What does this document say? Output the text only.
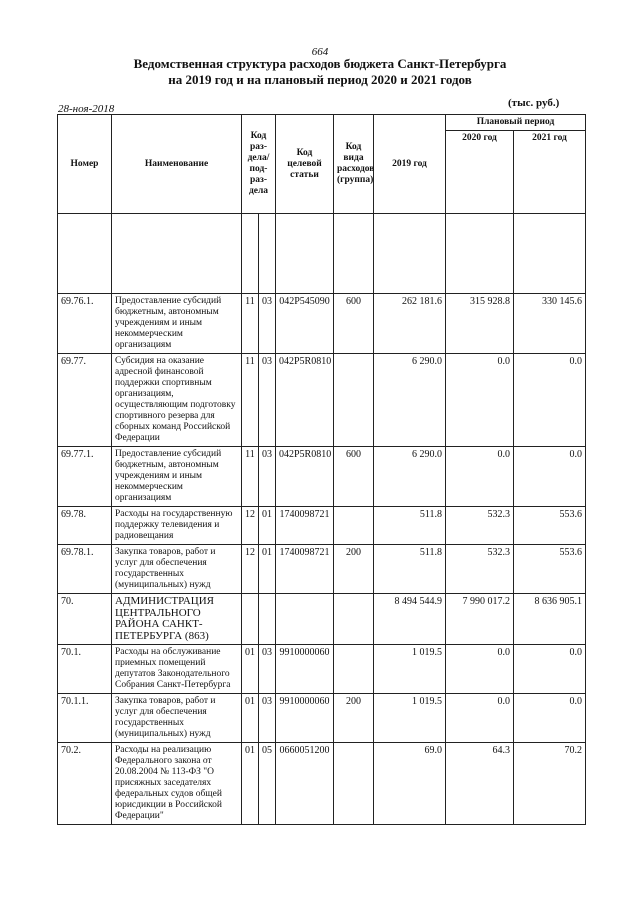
664
Ведомственная структура расходов бюджета Санкт-Петербурга
на 2019 год и на плановый период 2020 и 2021 годов
28-ноя-2018	(тыс. руб.)
Номер	Наименование	Код раз-дела/ под-раз-дела		Код целевой статьи	Код вида расходов (группа)	2019 год	Плановый период	
							2020 год	2021 год

69.76.1.	Предоставление субсидий бюджетным, автономным учреждениям и иным некоммерческим организациям	11	03	042P545090	600	262 181.6	315 928.8	330 145.6
69.77.	Субсидия на оказание адресной финансовой поддержки спортивным организациям, осуществляющим подготовку спортивного резерва для сборных команд Российской Федерации	11	03	042P5R0810		6 290.0	0.0	0.0
69.77.1.	Предоставление субсидий бюджетным, автономным учреждениям и иным некоммерческим организациям	11	03	042P5R0810	600	6 290.0	0.0	0.0
69.78.	Расходы на государственную поддержку телевидения и радиовещания	12	01	1740098721		511.8	532.3	553.6
69.78.1.	Закупка товаров, работ и услуг для обеспечения государственных (муниципальных) нужд	12	01	1740098721	200	511.8	532.3	553.6
70.	АДМИНИСТРАЦИЯ ЦЕНТРАЛЬНОГО РАЙОНА САНКТ-ПЕТЕРБУРГА (863)					8 494 544.9	7 990 017.2	8 636 905.1
70.1.	Расходы на обслуживание приемных помещений депутатов Законодательного Собрания Санкт-Петербурга	01	03	9910000060		1 019.5	0.0	0.0
70.1.1.	Закупка товаров, работ и услуг для обеспечения государственных (муниципальных) нужд	01	03	9910000060	200	1 019.5	0.0	0.0
70.2.	Расходы на реализацию Федерального закона от 20.08.2004 № 113-ФЗ "О присяжных заседателях федеральных судов общей юрисдикции в Российской Федерации"	01	05	0660051200		69.0	64.3	70.2
